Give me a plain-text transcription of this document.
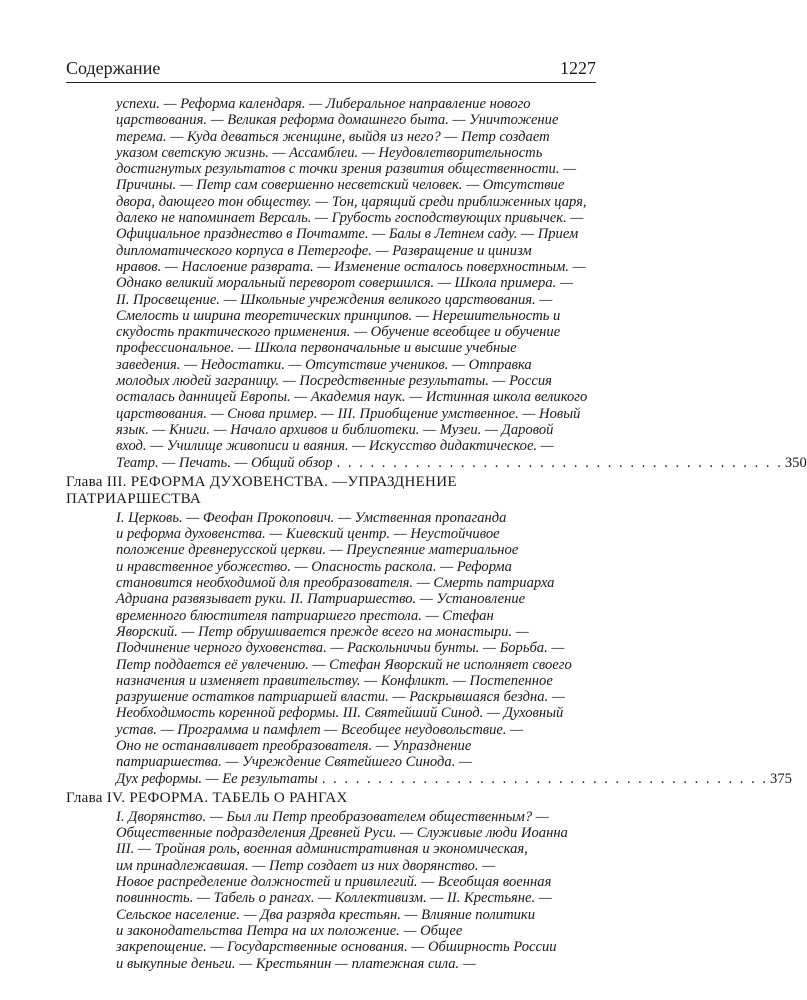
Содержание	1227
успехи. — Реформа календаря. — Либеральное направление нового
царствования. — Великая реформа домашнего быта. — Уничтожение
терема. — Куда деваться женщине, выйдя из него? — Петр создает
указом светскую жизнь. — Ассамблеи. — Неудовлетворительность
достигнутых результатов с точки зрения развития общественности. —
Причины. — Петр сам совершенно несветский человек. — Отсутствие
двора, дающего тон обществу. — Тон, царящий среди приближенных царя,
далеко не напоминает Версаль. — Грубость господствующих привычек. —
Официальное празднество в Почтамте. — Балы в Летнем саду. — Прием
дипломатического корпуса в Петергофе. — Развращение и цинизм
нравов. — Наслоение разврата. — Изменение осталось поверхностным. —
Однако великий моральный переворот совершился. — Школа примера. —
II. Просвещение. — Школьные учреждения великого царствования. —
Смелость и ширина теоретических принципов. — Нерешительность и
скудость практического применения. — Обучение всеобщее и обучение
профессиональное. — Школа первоначальные и высшие учебные
заведения. — Недостатки. — Отсутствие учеников. — Отправка
молодых людей заграницу. — Посредственные результаты. — Россия
осталась данницей Европы. — Академия наук. — Истинная школа великого
царствования. — Снова пример. — III. Приобщение умственное. — Новый
язык. — Книги. — Начало архивов и библиотеки. — Музеи. — Даровой
вход. — Училище живописи и ваяния. — Искусство дидактическое. —
Театр. — Печать. — Общий обзор . . . . . . . . . . . . . . . . . . . . . . . . . . . . . . . . . . . . . . . . 350
Глава III. РЕФОРМА ДУХОВЕНСТВА. —УПРАЗДНЕНИЕ
ПАТРИАРШЕСТВА
I. Церковь. — Феофан Прокопович. — Умственная пропаганда
и реформа духовенства. — Киевский центр. — Неустойчивое
положение древнерусской церкви. — Преуспеяние материальное
и нравственное убожество. — Опасность раскола. — Реформа
становится необходимой для преобразователя. — Смерть патриарха
Адриана развязывает руки. II. Патриаршество. — Установление
временного блюстителя патриаршего престола. — Стефан
Яворский. — Петр обрушивается прежде всего на монастыри. —
Подчинение черного духовенства. — Раскольничьи бунты. — Борьба. —
Петр поддается её увлечению. — Стефан Яворский не исполняет своего
назначения и изменяет правительству. — Конфликт. — Постепенное
разрушение остатков патриаршей власти. — Раскрывшаяся бездна. —
Необходимость коренной реформы. III. Святейший Синод. — Духовный
устав. — Программа и памфлет — Всеобщее неудовольствие. —
Оно не останавливает преобразователя. — Упразднение
патриаршества. — Учреждение Святейшего Синода. —
Дух реформы. — Ее результаты . . . . . . . . . . . . . . . . . . . . . . . . . . . . . . . . . . . . . . . . 375
Глава IV. РЕФОРМА. ТАБЕЛЬ О РАНГАХ
I. Дворянство. — Был ли Петр преобразователем общественным? —
Общественные подразделения Древней Руси. — Служивые люди Иоанна
III. — Тройная роль, военная административная и экономическая,
им принадлежавшая. — Петр создает из них дворянство. —
Новое распределение должностей и привилегий. — Всеобщая военная
повинность. — Табель о рангах. — Коллективизм. — II. Крестьяне. —
Сельское население. — Два разряда крестьян. — Влияние политики
и законодательства Петра на их положение. — Общее
закрепощение. — Государственные основания. — Обширность России
и выкупные деньги. — Крестьянин — платежная сила. —
